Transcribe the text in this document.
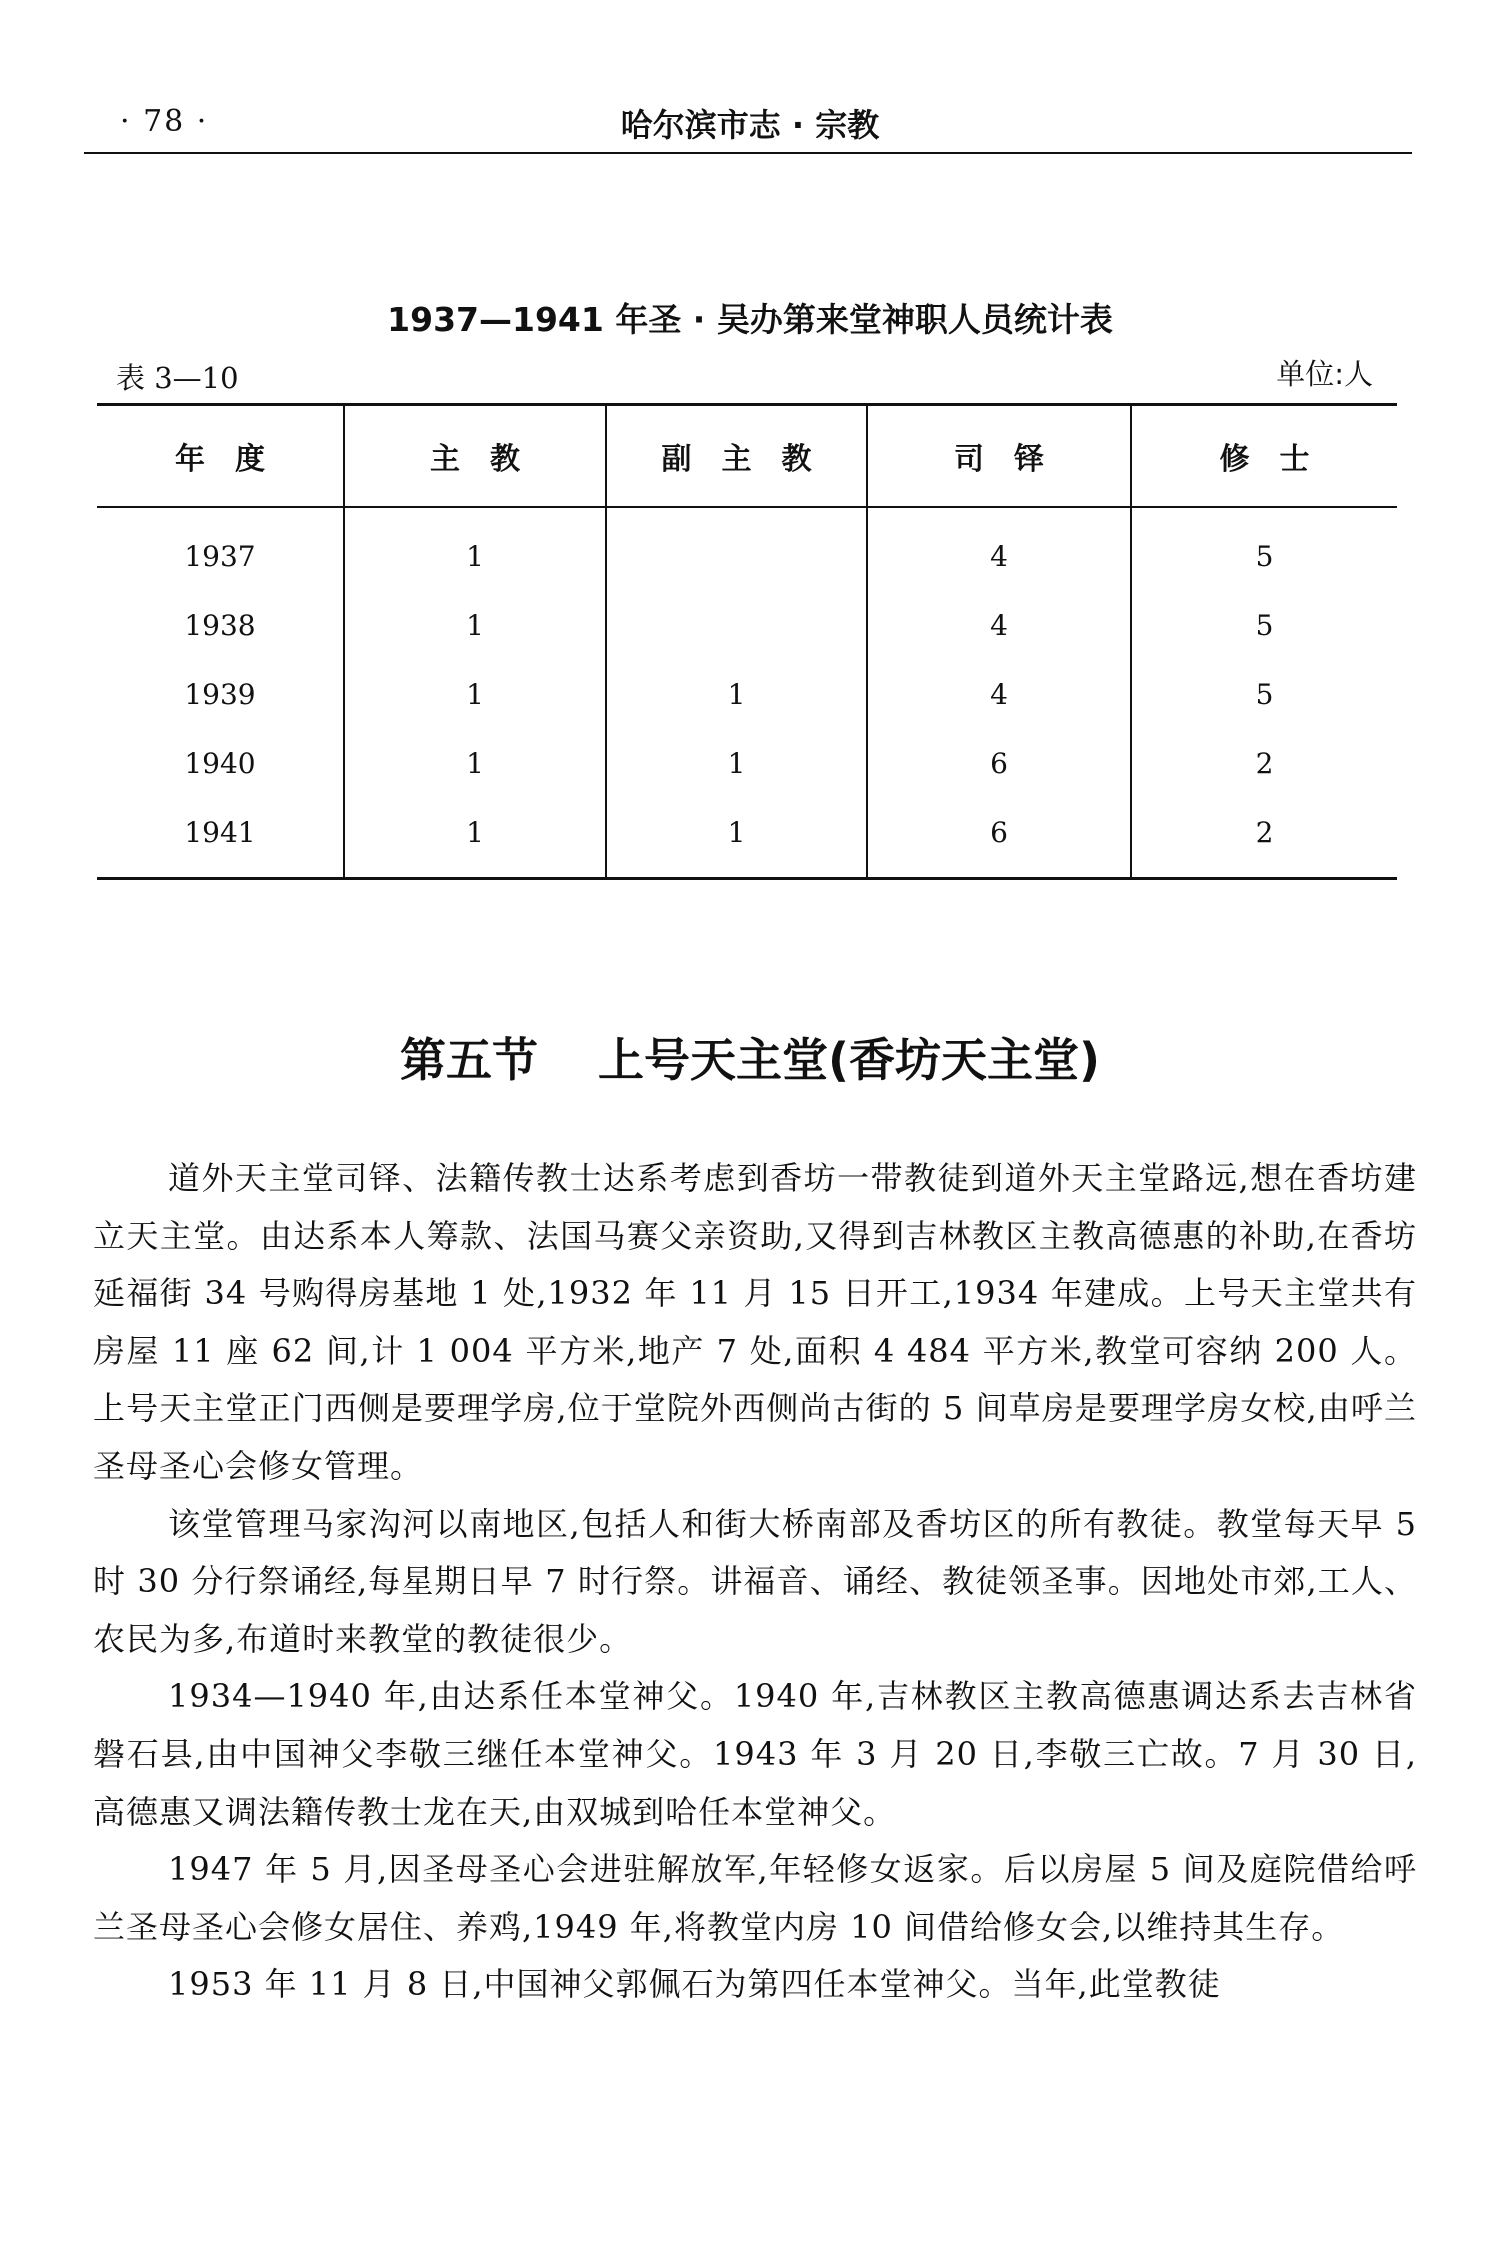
· 78 ·	哈尔滨市志 · 宗教
1937—1941 年圣 · 吴办第来堂神职人员统计表
表 3—10	单位:人
年度	主教	副主教	司铎	修士
1937	1		4	5
1938	1		4	5
1939	1	1	4	5
1940	1	1	6	2
1941	1	1	6	2
第五节 上号天主堂(香坊天主堂)

道外天主堂司铎、法籍传教士达系考虑到香坊一带教徒到道外天主堂路远,想在香坊建立天主堂。由达系本人筹款、法国马赛父亲资助,又得到吉林教区主教高德惠的补助,在香坊延福街 34 号购得房基地 1 处,1932 年 11 月 15 日开工,1934 年建成。上号天主堂共有房屋 11 座 62 间,计 1 004 平方米,地产 7 处,面积 4 484 平方米,教堂可容纳 200 人。上号天主堂正门西侧是要理学房,位于堂院外西侧尚古街的 5 间草房是要理学房女校,由呼兰圣母圣心会修女管理。

该堂管理马家沟河以南地区,包括人和街大桥南部及香坊区的所有教徒。教堂每天早 5 时 30 分行祭诵经,每星期日早 7 时行祭。讲福音、诵经、教徒领圣事。因地处市郊,工人、农民为多,布道时来教堂的教徒很少。

1934—1940 年,由达系任本堂神父。1940 年,吉林教区主教高德惠调达系去吉林省磐石县,由中国神父李敬三继任本堂神父。1943 年 3 月 20 日,李敬三亡故。7 月 30 日,高德惠又调法籍传教士龙在天,由双城到哈任本堂神父。

1947 年 5 月,因圣母圣心会进驻解放军,年轻修女返家。后以房屋 5 间及庭院借给呼兰圣母圣心会修女居住、养鸡,1949 年,将教堂内房 10 间借给修女会,以维持其生存。

1953 年 11 月 8 日,中国神父郭佩石为第四任本堂神父。当年,此堂教徒
